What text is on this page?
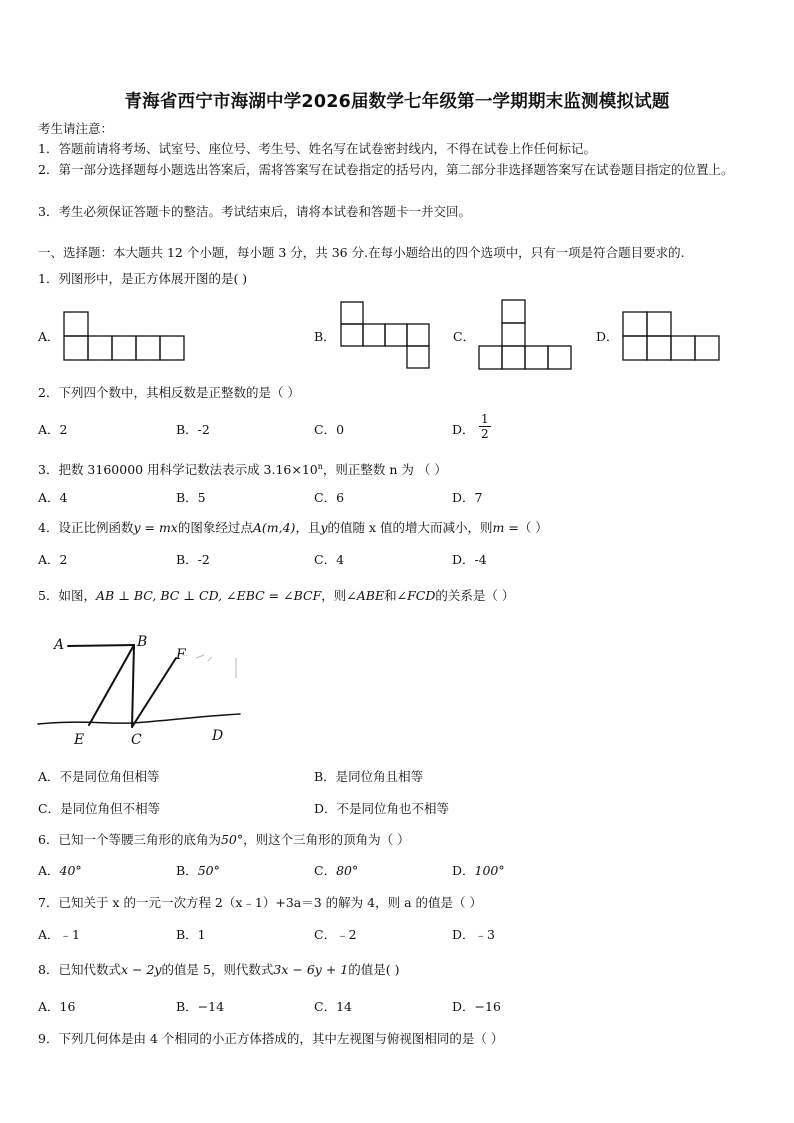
青海省西宁市海湖中学2026届数学七年级第一学期期末监测模拟试题
考生请注意：
1．答题前请将考场、试室号、座位号、考生号、姓名写在试卷密封线内，不得在试卷上作任何标记。
2．第一部分选择题每小题选出答案后，需将答案写在试卷指定的括号内，第二部分非选择题答案写在试卷题目指定的位置上。
3．考生必须保证答题卡的整洁。考试结束后，请将本试卷和答题卡一并交回。
一、选择题：本大题共 12 个小题，每小题 3 分，共 36 分.在每小题给出的四个选项中，只有一项是符合题目要求的.
1．列图形中，是正方体展开图的是( )
A．	B．	C．	D．
2．下列四个数中，其相反数是正整数的是（ ）
A．2	B．-2	C．0	D． $\frac{1}{2}$
3．把数 3160000 用科学记数法表示成 $3.16\times 10^n$，则正整数 n 为 （ ）
A．4	B．5	C．6	D．7
4．设正比例函数y = mx的图象经过点A(m,4)，且y的值随 x 值的增大而减小，则m =（ ）
A．2	B．-2	C．4	D．-4
5．如图，AB ⊥ BC, BC ⊥ CD, ∠EBC = ∠BCF，则∠ABE和∠FCD的关系是（ ）
A	B
F
E	C	D
A．不是同位角但相等	B．是同位角且相等
C．是同位角但不相等	D．不是同位角也不相等
6．已知一个等腰三角形的底角为50°，则这个三角形的顶角为（ ）
A．40°	B．50°	C．80°	D．100°
7．已知关于 x 的一元一次方程 2（x﹣1）+3a＝3 的解为 4，则 a 的值是（ ）
A．﹣1	B．1	C．﹣2	D．﹣3
8．已知代数式x − 2y的值是 5，则代数式3x − 6y + 1的值是( )
A．16	B．−14	C．14	D．−16
9．下列几何体是由 4 个相同的小正方体搭成的，其中左视图与俯视图相同的是（ ）
